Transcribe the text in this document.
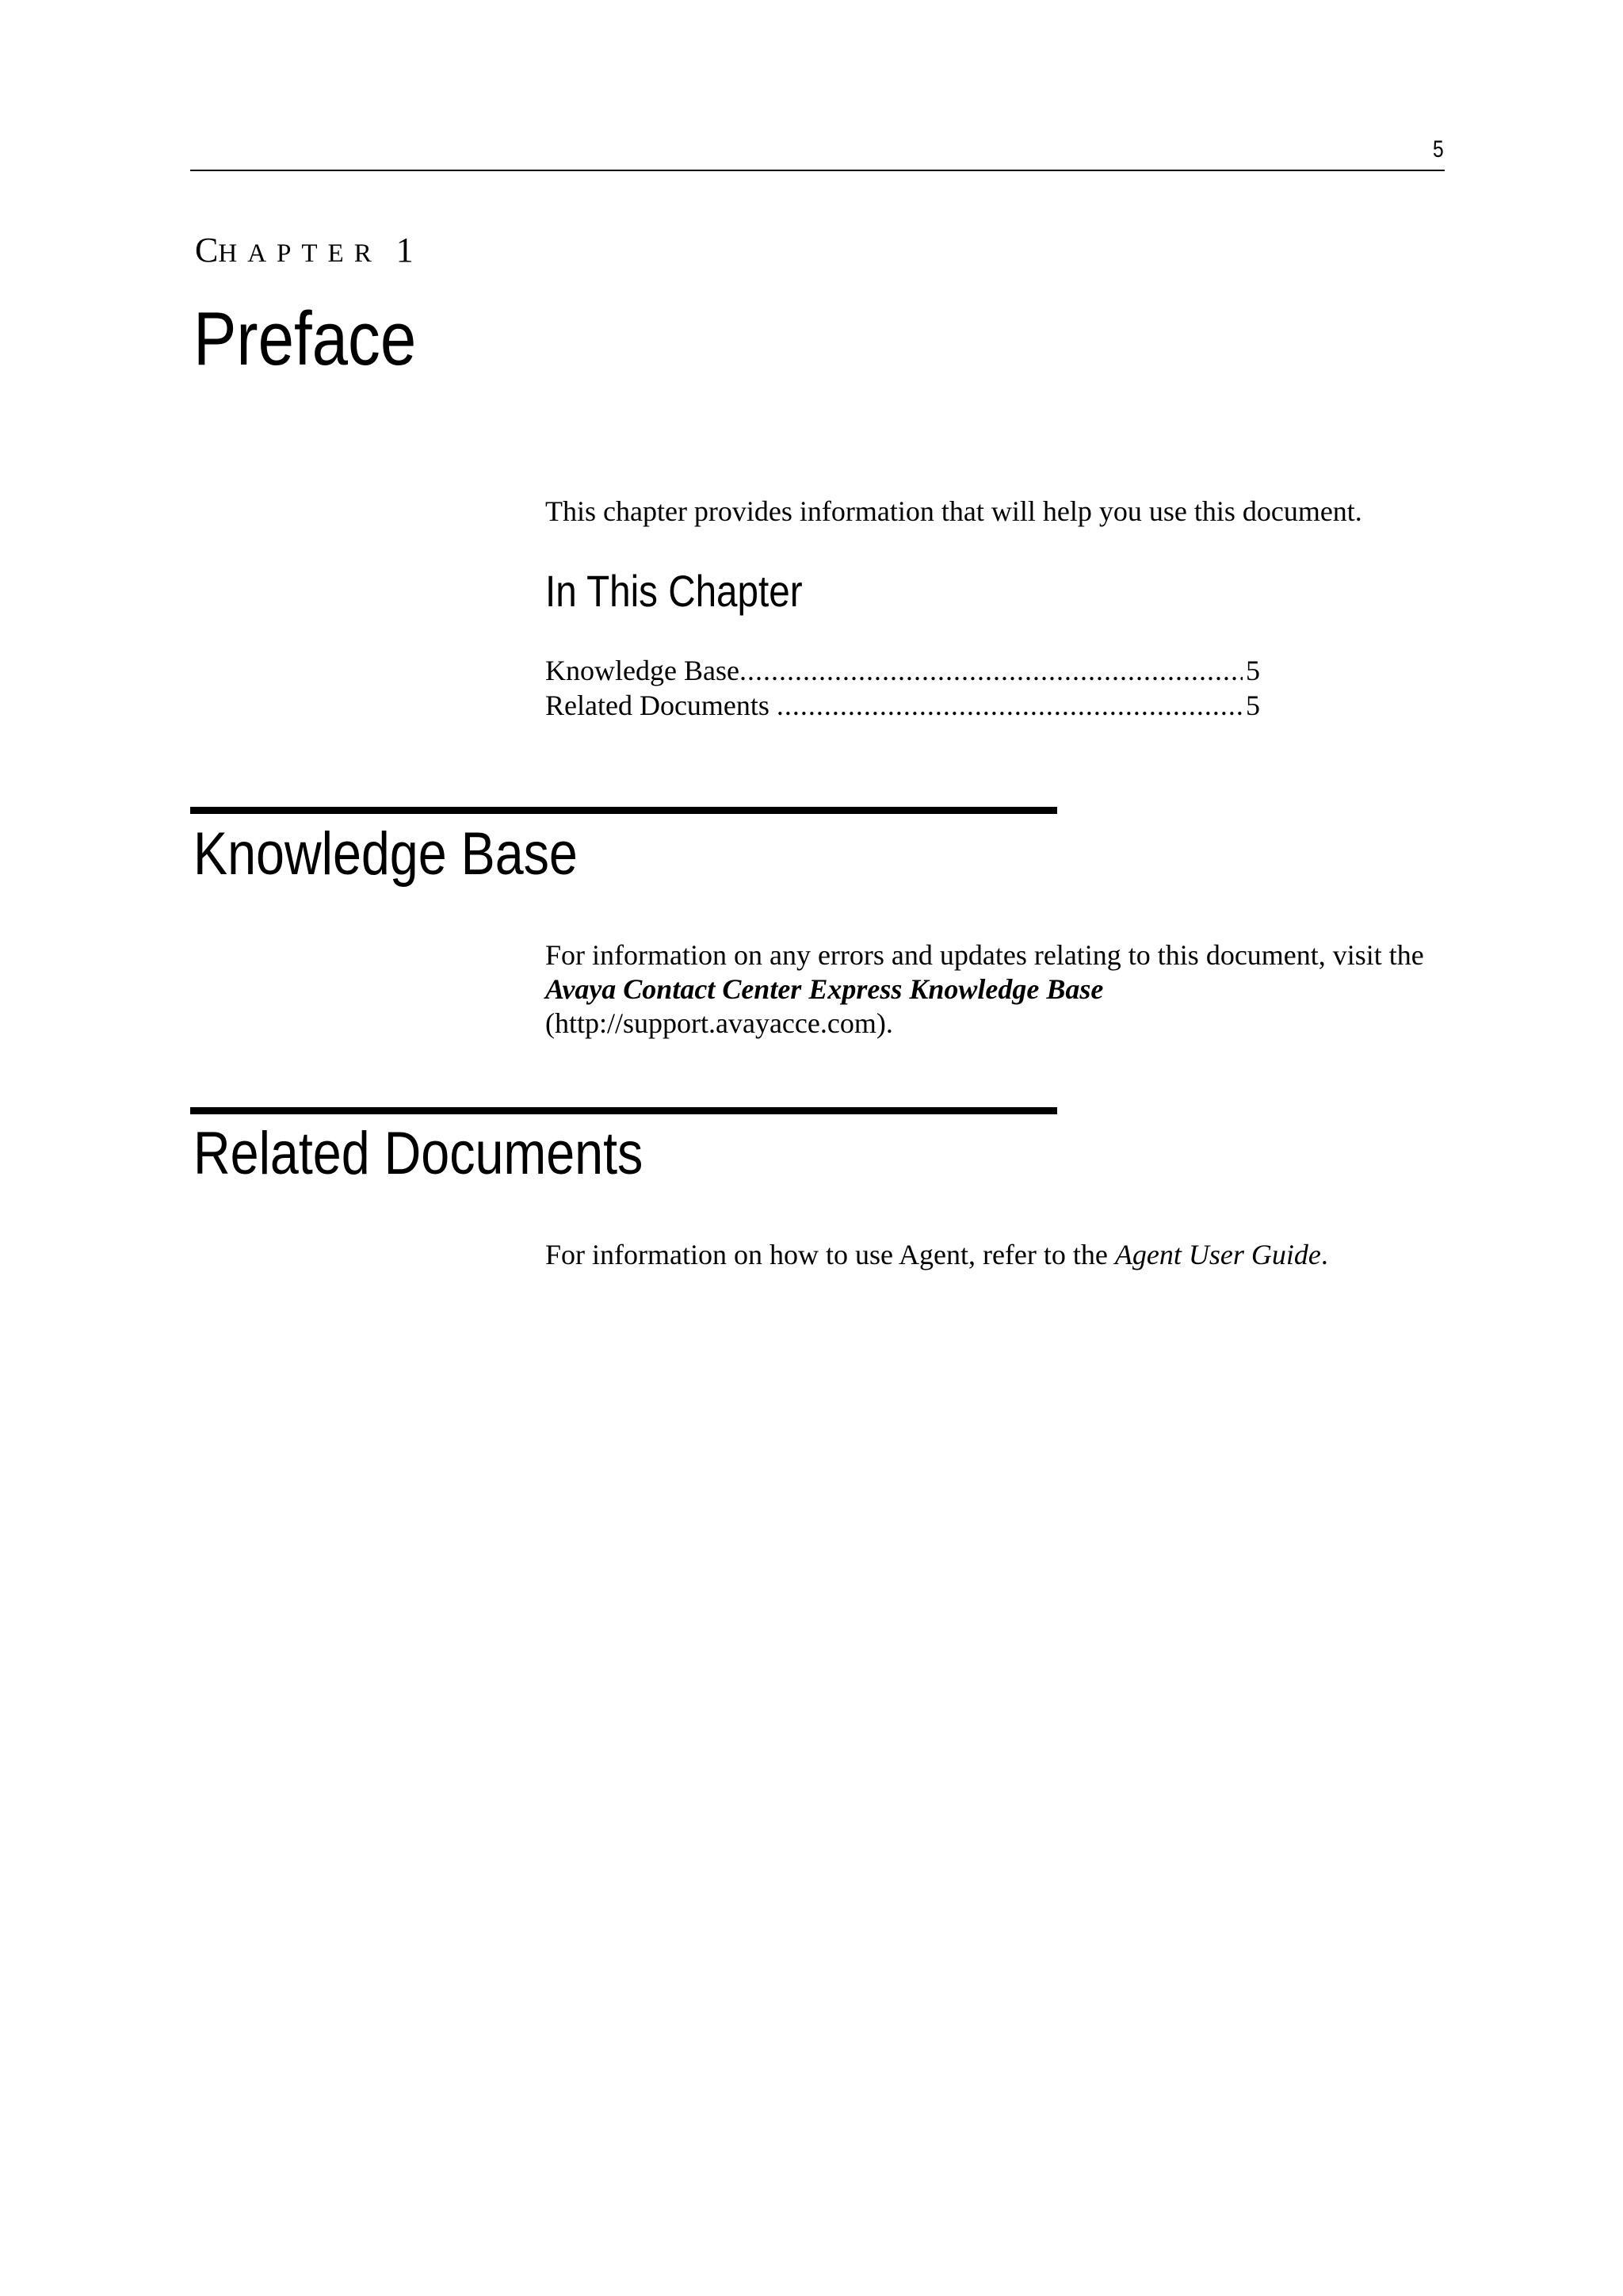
5
CHAPTER 1
Preface
This chapter provides information that will help you use this document.
In This Chapter
Knowledge Base .....	5
Related Documents .....	5
Knowledge Base
For information on any errors and updates relating to this document, visit the Avaya Contact Center Express Knowledge Base
(http://support.avayacce.com).
Related Documents
For information on how to use Agent, refer to the Agent User Guide.
